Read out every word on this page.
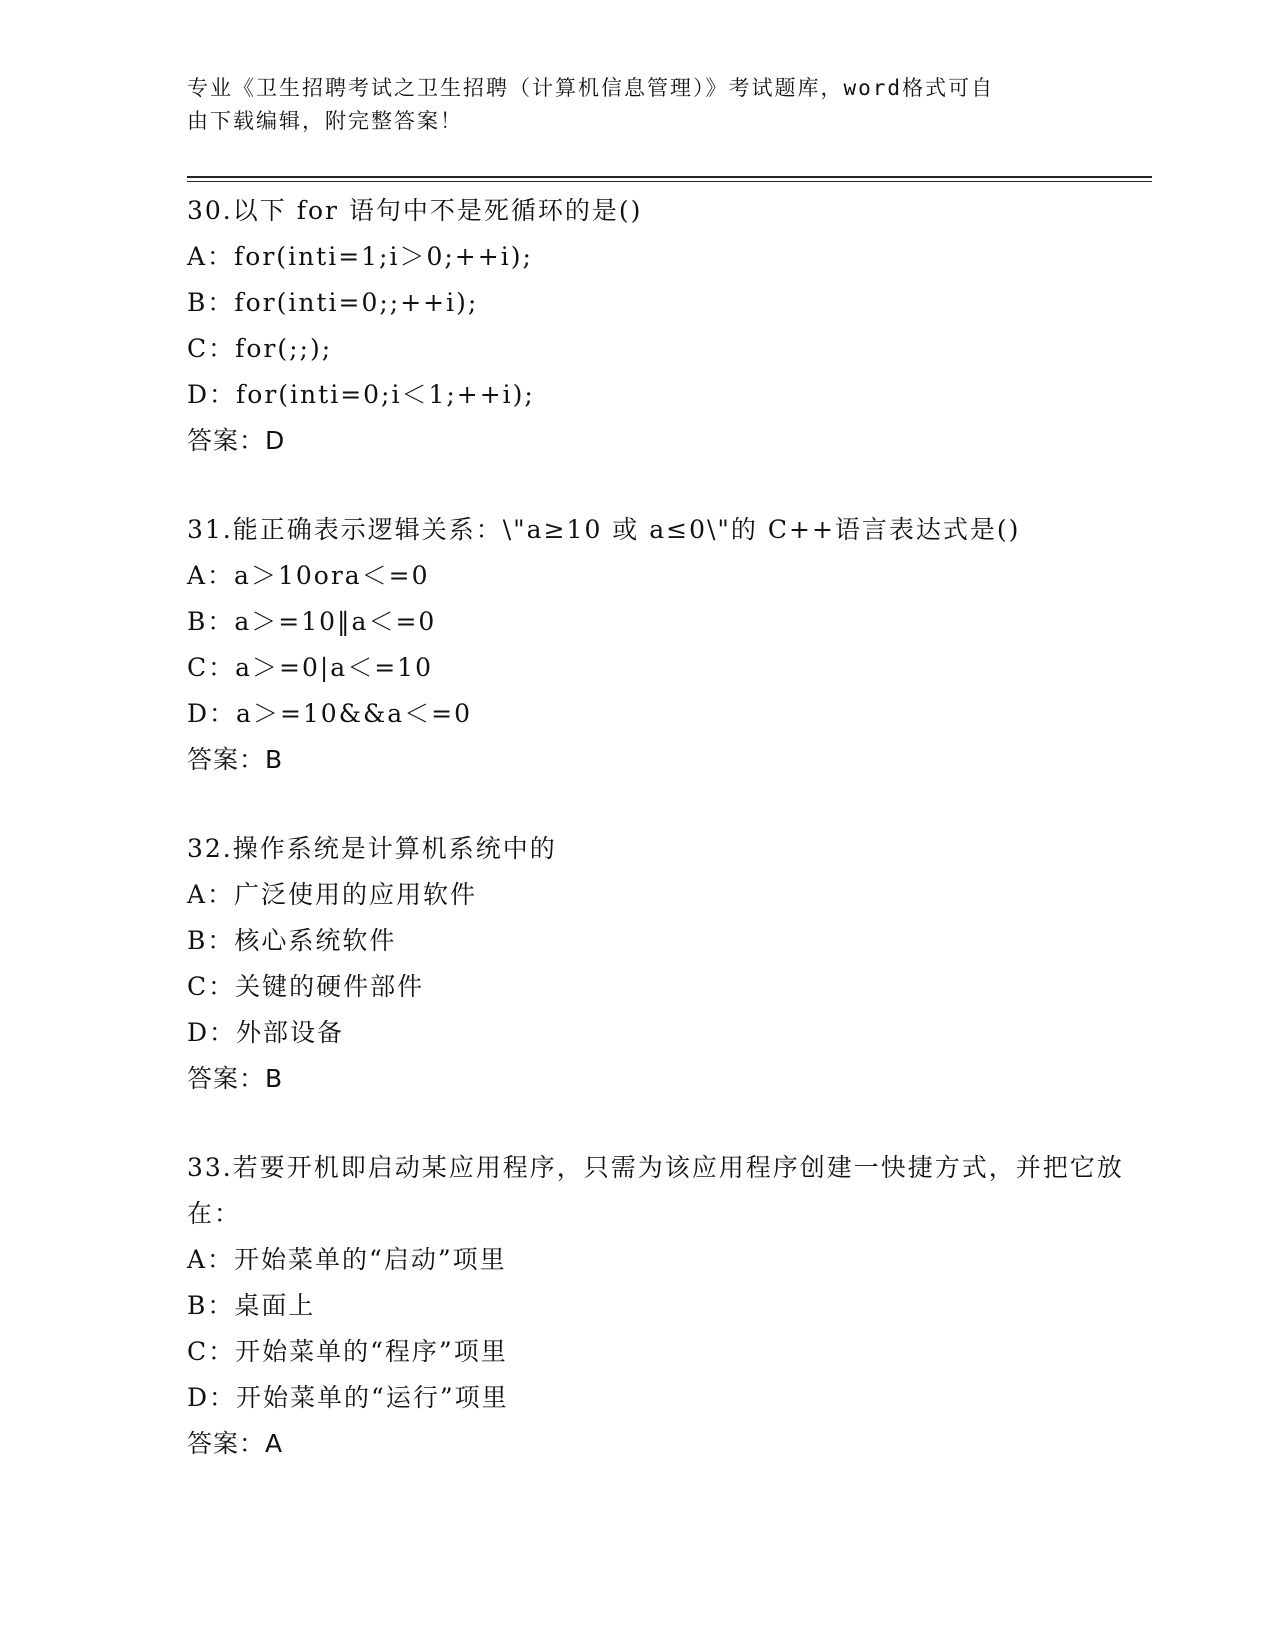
专业《卫生招聘考试之卫生招聘（计算机信息管理）》考试题库，word格式可自
由下载编辑，附完整答案！
30.以下 for 语句中不是死循环的是()
A：for(inti=1;i＞0;++i);
B：for(inti=0;;++i);
C：for(;;);
D：for(inti=0;i＜1;++i);
答案：D
31.能正确表示逻辑关系：\"a≥10 或 a≤0\"的 C++语言表达式是()
A：a＞10ora＜=0
B：a＞=10‖a＜=0
C：a＞=0|a＜=10
D：a＞=10&&a＜=0
答案：B
32.操作系统是计算机系统中的
A：广泛使用的应用软件
B：核心系统软件
C：关键的硬件部件
D：外部设备
答案：B
33.若要开机即启动某应用程序，只需为该应用程序创建一快捷方式，并把它放在：
A：开始菜单的“启动”项里
B：桌面上
C：开始菜单的“程序”项里
D：开始菜单的“运行”项里
答案：A
